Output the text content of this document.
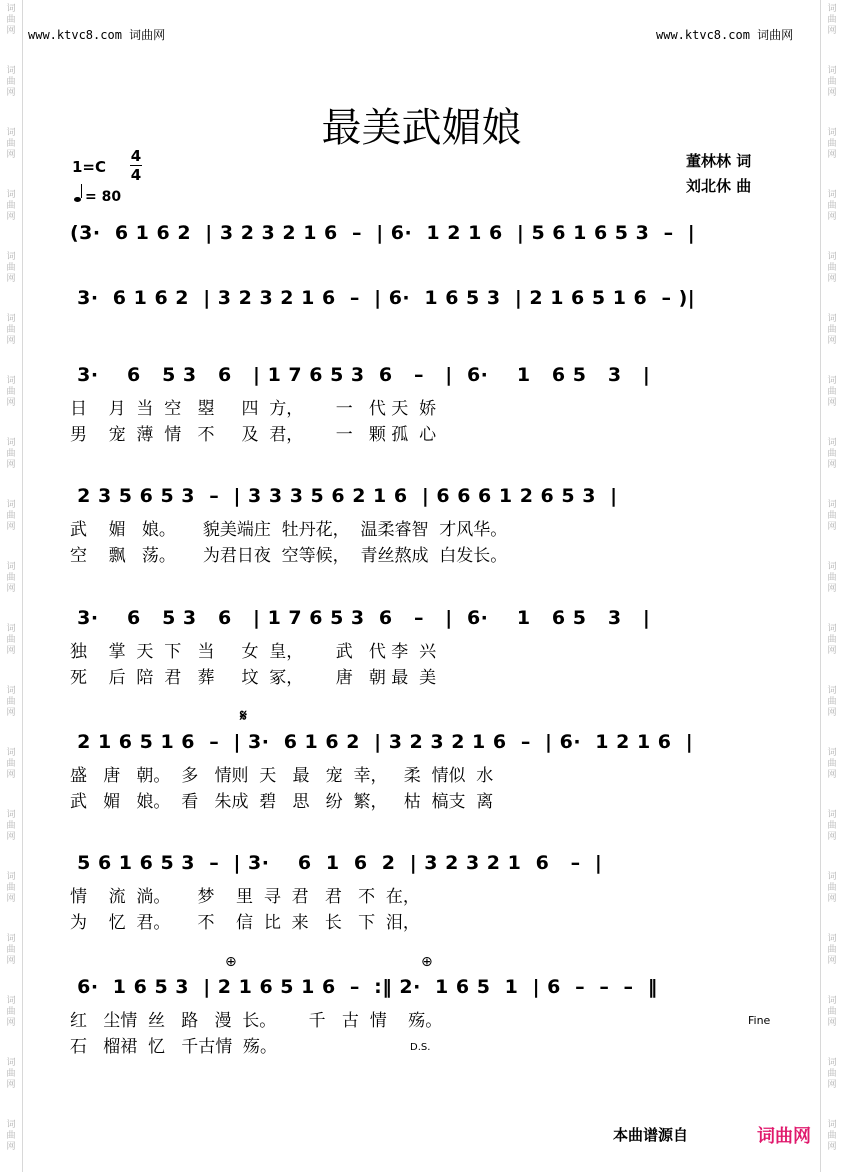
词
曲
网
词
曲
网
词
曲
网
词
曲
网
词
曲
网
词
曲
网
词
曲
网
词
曲
网
词
曲
网
词
曲
网
词
曲
网
词
曲
网
词
曲
网
词
曲
网
词
曲
网
词
曲
网
词
曲
网
词
曲
网
词
曲
网
词
曲
网
词
曲
网
词
曲
网
词
曲
网
词
曲
网
词
曲
网
词
曲
网
词
曲
网
词
曲
网
词
曲
网
词
曲
网
词
曲
网
词
曲
网
词
曲
网
词
曲
网
词
曲
网
词
曲
网
词
曲
网
词
曲
网
www.ktvc8.com 词曲网	www.ktvc8.com 词曲网
最美武媚娘
董林林 词
刘北休 曲
1=C
4
4
= 80
(3·  6 1 6 2  | 3 2 3 2 1 6  –  | 6·  1 2 1 6  | 5 6 1 6 5 3  –  |
3·  6 1 6 2  | 3 2 3 2 1 6  –  | 6·  1 6 5 3  | 2 1 6 5 1 6  – )|
3·    6   5 3   6   | 1 7 6 5 3  6   –   |  6·    1   6 5   3   |
日    月  当  空   曌     四  方，      一   代 天  娇
男    宠  薄  情   不     及  君，      一   颗 孤  心
2 3 5 6 5 3  –  | 3 3 3 5 6 2 1 6  | 6 6 6 1 2 6 5 3  |
武    媚   娘。     貌美端庄  牡丹花，  温柔睿智  才风华。
空    飘   荡。     为君日夜  空等候，  青丝熬成  白发长。
3·    6   5 3   6   | 1 7 6 5 3  6   –   |  6·    1   6 5   3   |
独    掌  天  下   当     女  皇，      武   代 李  兴
死    后  陪  君   葬     坟  冢，      唐   朝 最  美
𝄋
2 1 6 5 1 6  –  | 3·  6 1 6 2  | 3 2 3 2 1 6  –  | 6·  1 2 1 6  |
盛   唐   朝。  多   情则  天   最   宠  幸，   柔  情似  水
武   媚   娘。  看   朱成  碧   思   纷  繁，   枯  槁支  离
5 6 1 6 5 3  –  | 3·    6  1  6  2  | 3 2 3 2 1  6   –  |
情    流  淌。     梦    里  寻  君   君   不  在，
为    忆  君。     不    信  比  来   长   下  泪，
⊕	⊕
6·  1 6 5 3  | 2 1 6 5 1 6  –  :‖ 2·  1 6 5  1  | 6  –  –  –  ‖
红   尘情  丝   路   漫  长。      千   古  情    殇。
石   榴裙  忆   千古情  殇。
Fine
D.S.
本曲谱源自	词曲网
